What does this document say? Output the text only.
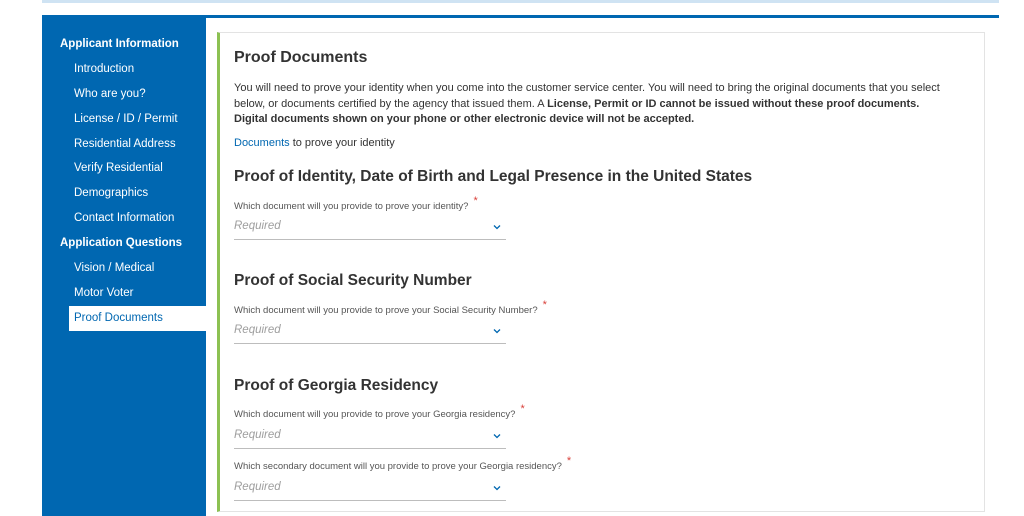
Applicant Information
Introduction
Who are you?
License / ID / Permit
Residential Address
Verify Residential
Demographics
Contact Information
Application Questions
Vision / Medical
Motor Voter
Proof Documents
Proof Documents
You will need to prove your identity when you come into the customer service center. You will need to bring the original documents that you select below, or documents certified by the agency that issued them. A License, Permit or ID cannot be issued without these proof documents. Digital documents shown on your phone or other electronic device will not be accepted.
Documents to prove your identity
Proof of Identity, Date of Birth and Legal Presence in the United States
Which document will you provide to prove your identity? *
Required
Proof of Social Security Number
Which document will you provide to prove your Social Security Number? *
Required
Proof of Georgia Residency
Which document will you provide to prove your Georgia residency? *
Required
Which secondary document will you provide to prove your Georgia residency? *
Required
